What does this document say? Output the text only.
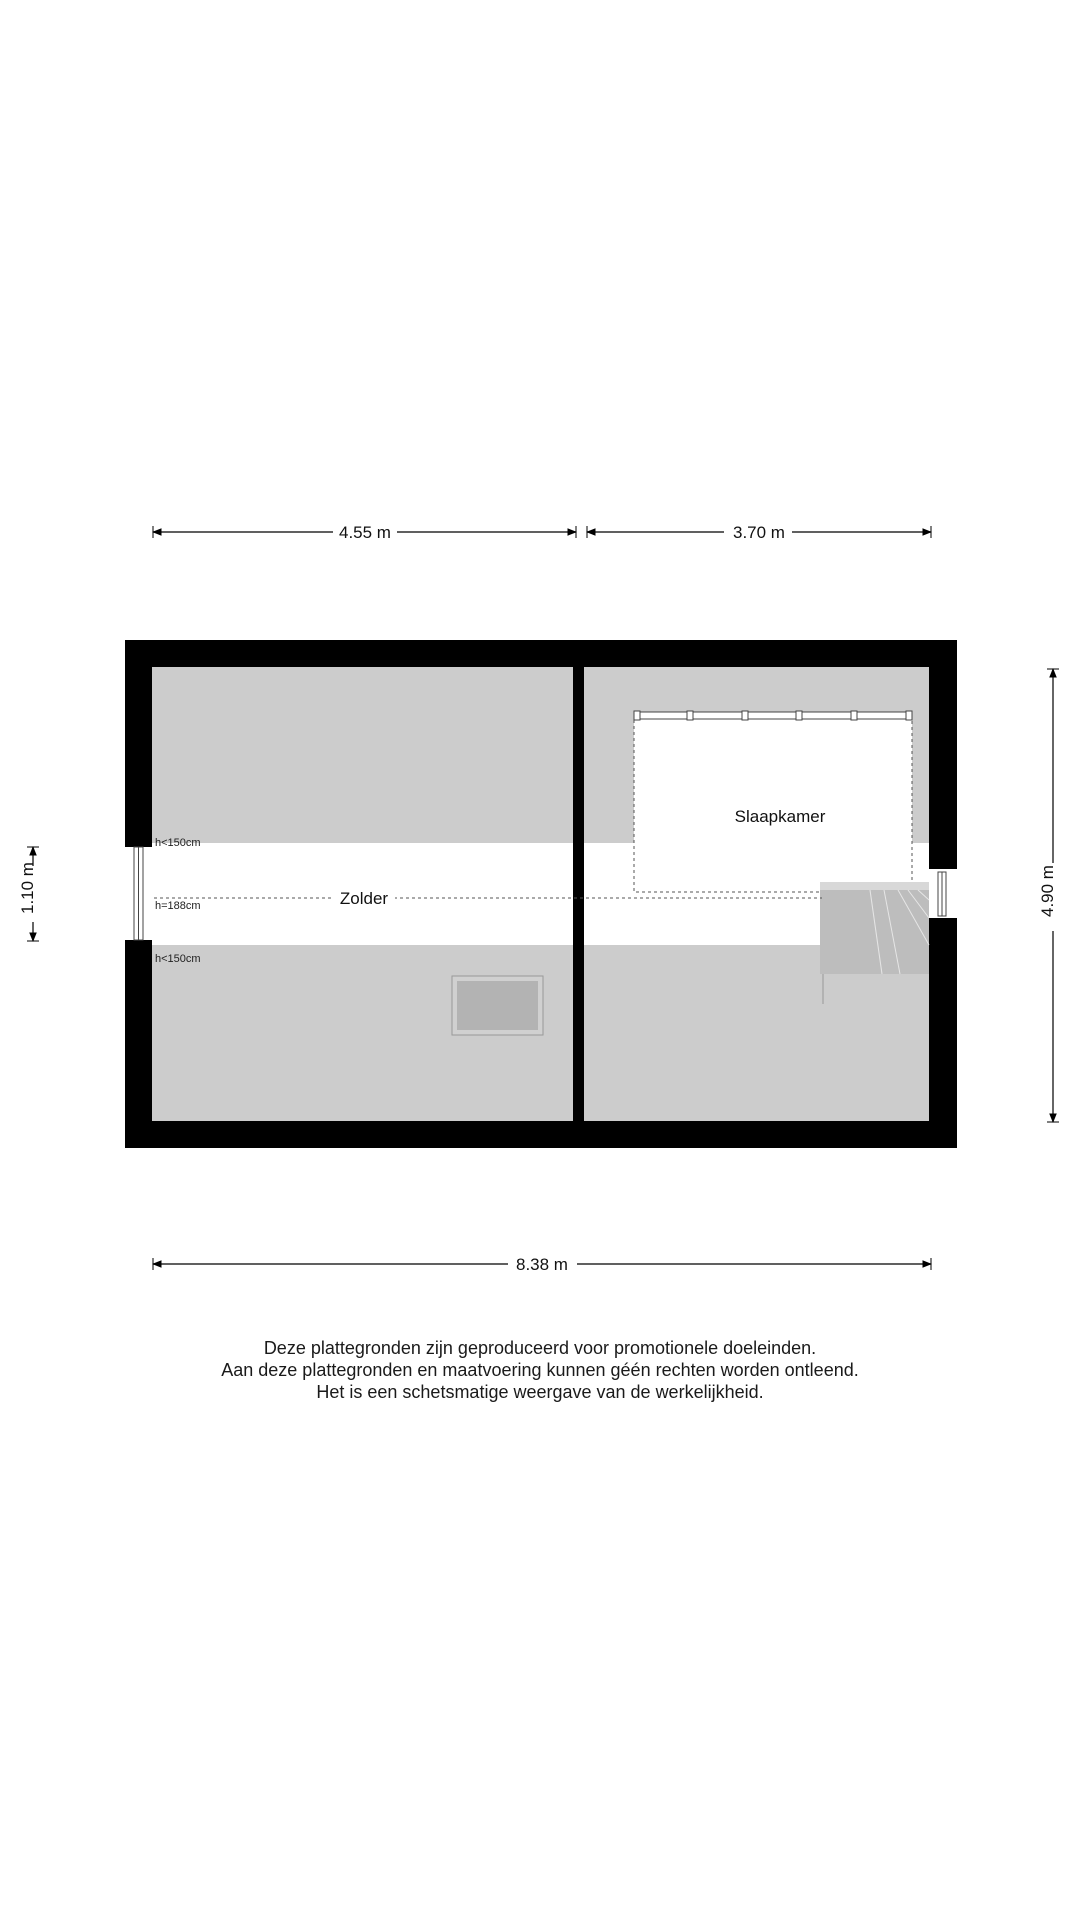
h<150cm
h=188cm
h<150cm
Zolder
Slaapkamer
4.55 m	3.70 m
8.38 m
4.90 m
1.10 m
Deze plattegronden zijn geproduceerd voor promotionele doeleinden.
Aan deze plattegronden en maatvoering kunnen géén rechten worden ontleend.
Het is een schetsmatige weergave van de werkelijkheid.
